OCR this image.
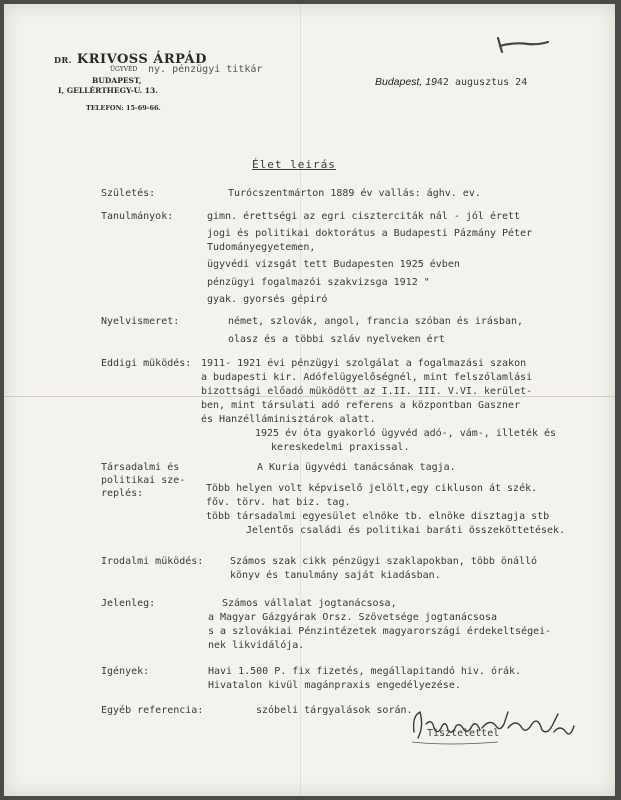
DR. KRIVOSS ÁRPÁD
ÜGYVÉD ny. pénzügyi titkár
BUDAPEST,
I, GELLÉRTHEGY-U. 13.
TELEFON: 15-69-66.
Budapest, 1942 augusztus 24
Élet leirás
Születés:	Turócszentmárton 1889 év vallás: ághv. ev.
Tanulmányok:	gimn. érettségi az egri ciszterciták nál - jól érett
jogi és politikai doktorátus a Budapesti Pázmány Péter
Tudományegyetemen,
ügyvédi vizsgát tett Budapesten 1925 évben
pénzügyi fogalmazói szakvizsga 1912 "
gyak. gyorsés gépiró
Nyelvismeret:	német, szlovák, angol, francia szóban és irásban,
olasz és a többi szláv nyelveken ért
Eddigi müködés: 1911- 1921 évi pénzügyi szolgálat a fogalmazási szakon
a budapesti kir. Adófelügyelőségnél, mint felszólamlási
bizottsági előadó müködött az I.II. III. V.VI. kerület-
ben, mint társulati adó referens a központban Gaszner
és Hanzélláminisztárok alatt.
1925 év óta gyakorló ügyvéd adó-, vám-, illeték és
kereskedelmi praxissal.
Társadalmi és
politikai sze-
replés:
A Kuria ügyvédi tanácsának tagja.
Több helyen volt képviselő jelölt,egy cikluson át szék.
főv. törv. hat biz. tag.
több társadalmi egyesület elnöke tb. elnöke disztagja stb
Jelentős családi és politikai baráti összeköttetések.
Irodalmi müködés:	Számos szak cikk pénzügyi szaklapokban, több önálló
könyv és tanulmány saját kiadásban.
Jelenleg:	Számos vállalat jogtanácsosa,
a Magyar Gázgyárak Orsz. Szövetsége jogtanácsosa
s a szlovákiai Pénzintézetek magyarországi érdekeltségei-
nek likvidálója.
Igények:	Havi 1.500 P. fix fizetés, megállapitandó hiv. órák.
Hivatalon kivül magánpraxis engedélyezése.
Egyéb referencia:	szóbeli tárgyalások során.
Tisztelettel
